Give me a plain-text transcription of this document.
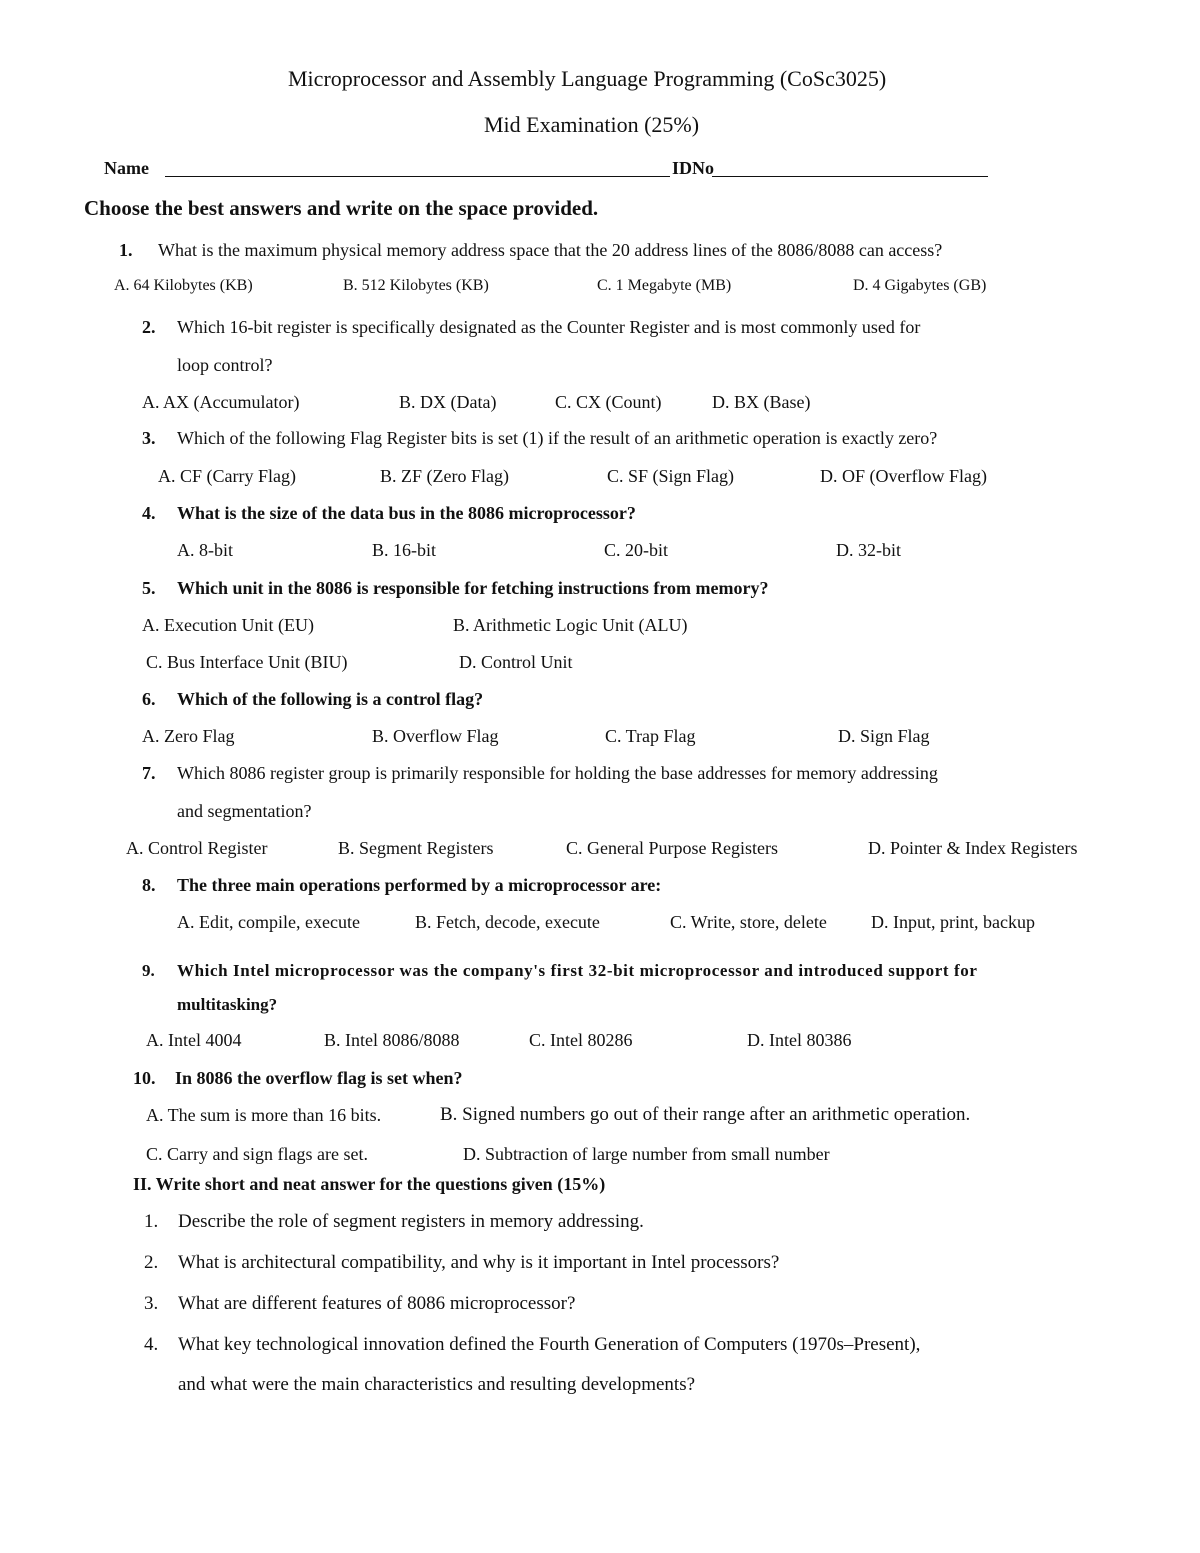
Microprocessor and Assembly Language Programming (CoSc3025)
Mid Examination (25%)
Name	IDNo
Choose the best answers and write on the space provided.
1. What is the maximum physical memory address space that the 20 address lines of the 8086/8088 can access?
A. 64 Kilobytes (KB)	B. 512 Kilobytes (KB)	C. 1 Megabyte (MB)	D. 4 Gigabytes (GB)
2. Which 16-bit register is specifically designated as the Counter Register and is most commonly used for
loop control?
A. AX (Accumulator)	B. DX (Data)	C. CX (Count)	D. BX (Base)
3. Which of the following Flag Register bits is set (1) if the result of an arithmetic operation is exactly zero?
A. CF (Carry Flag)	B. ZF (Zero Flag)	C. SF (Sign Flag)	D. OF (Overflow Flag)
4. What is the size of the data bus in the 8086 microprocessor?
A. 8-bit	B. 16-bit	C. 20-bit	D. 32-bit
5. Which unit in the 8086 is responsible for fetching instructions from memory?
A. Execution Unit (EU)	B. Arithmetic Logic Unit (ALU)
C. Bus Interface Unit (BIU)	D. Control Unit
6. Which of the following is a control flag?
A. Zero Flag	B. Overflow Flag	C. Trap Flag	D. Sign Flag
7. Which 8086 register group is primarily responsible for holding the base addresses for memory addressing
and segmentation?
A. Control Register	B. Segment Registers	C. General Purpose Registers	D. Pointer & Index Registers
8. The three main operations performed by a microprocessor are:
A. Edit, compile, execute	B. Fetch, decode, execute	C. Write, store, delete D. Input, print, backup
9. Which Intel microprocessor was the company's first 32-bit microprocessor and introduced support for
multitasking?
A. Intel 4004	B. Intel 8086/8088	C. Intel 80286	D. Intel 80386
10. In 8086 the overflow flag is set when?
A. The sum is more than 16 bits.	B. Signed numbers go out of their range after an arithmetic operation.
C. Carry and sign flags are set.	D. Subtraction of large number from small number
II. Write short and neat answer for the questions given (15%)
1. Describe the role of segment registers in memory addressing.
2. What is architectural compatibility, and why is it important in Intel processors?
3. What are different features of 8086 microprocessor?
4. What key technological innovation defined the Fourth Generation of Computers (1970s–Present),
and what were the main characteristics and resulting developments?
